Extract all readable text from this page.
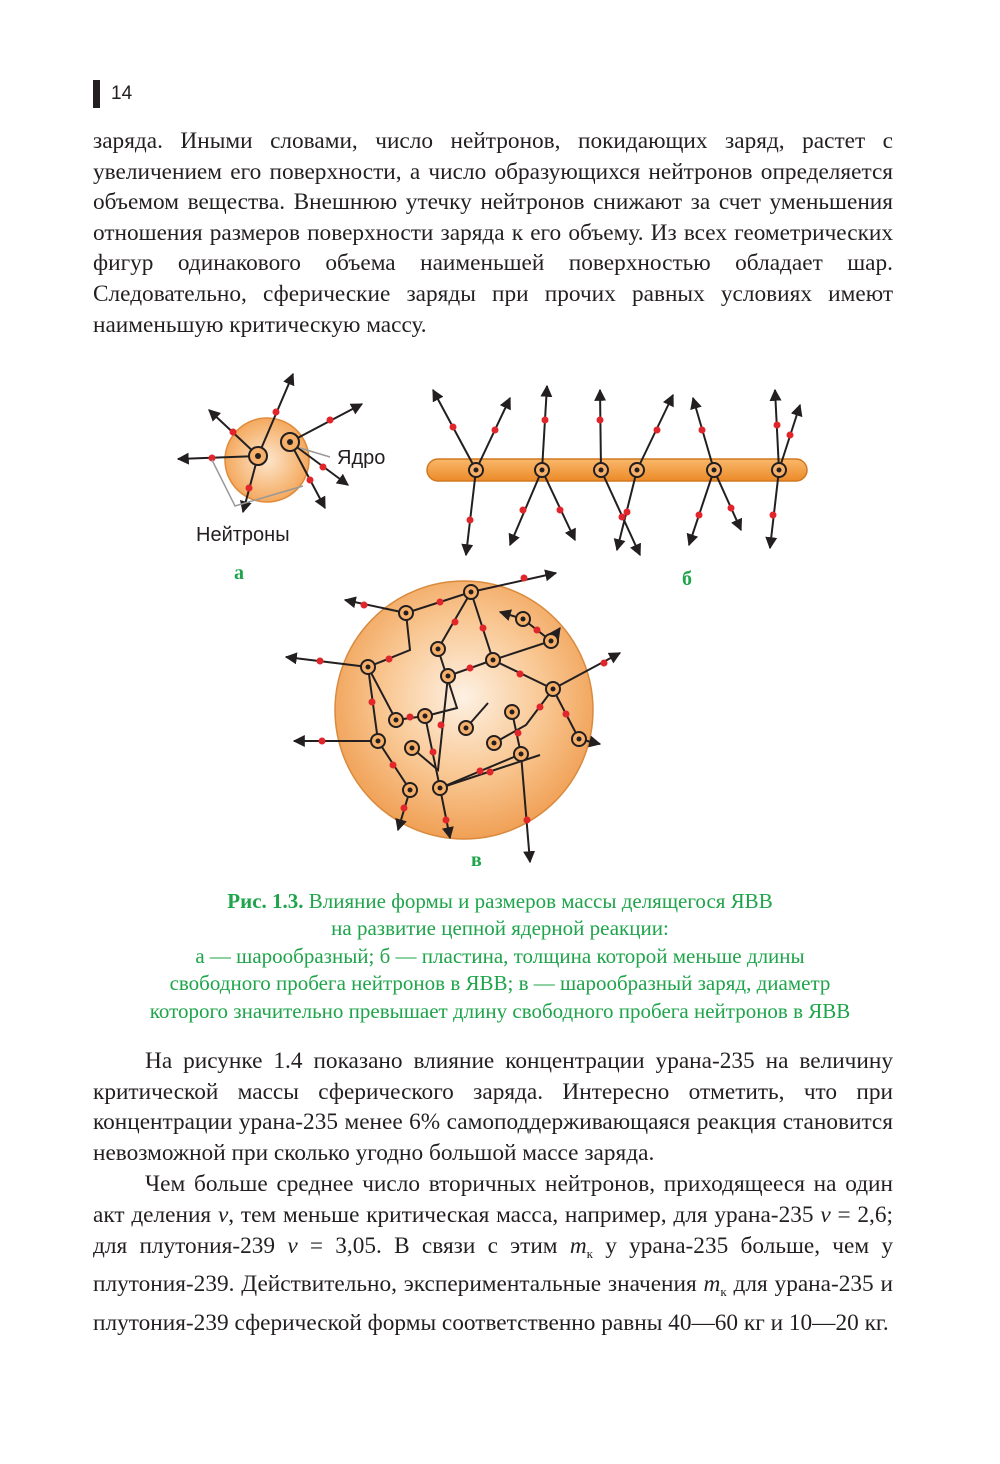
14

заряда. Иными словами, число нейтронов, покидающих заряд, растет с увеличением его поверхности, а число образующихся нейтронов определяется объемом вещества. Внешнюю утечку нейтронов снижают за счет уменьшения отношения размеров поверхности заряда к его объему. Из всех геометрических фигур одинакового объема наименьшей поверхностью обладает шар. Следовательно, сферические заряды при прочих равных условиях имеют наименьшую критическую массу.

Ядро
Нейтроны
а	б
в
Рис. 1.3. Влияние формы и размеров массы делящегося ЯВВ
на развитие цепной ядерной реакции:
а — шарообразный; б — пластина, толщина которой меньше длины
свободного пробега нейтронов в ЯВВ; в — шарообразный заряд, диаметр
которого значительно превышает длину свободного пробега нейтронов в ЯВВ

На рисунке 1.4 показано влияние концентрации урана-235 на величину критической массы сферического заряда. Интересно отметить, что при концентрации урана-235 менее 6% самоподдерживающаяся реакция становится невозможной при сколько угодно большой массе заряда.

Чем больше среднее число вторичных нейтронов, приходящееся на один акт деления ν, тем меньше критическая масса, например, для урана-235 ν = 2,6; для плутония-239 ν = 3,05. В связи с этим $m_к$ у урана-235 больше, чем у плутония-239. Действительно, экспериментальные значения $m_к$ для урана-235 и плутония-239 сферической формы соответственно равны 40—60 кг и 10—20 кг.
